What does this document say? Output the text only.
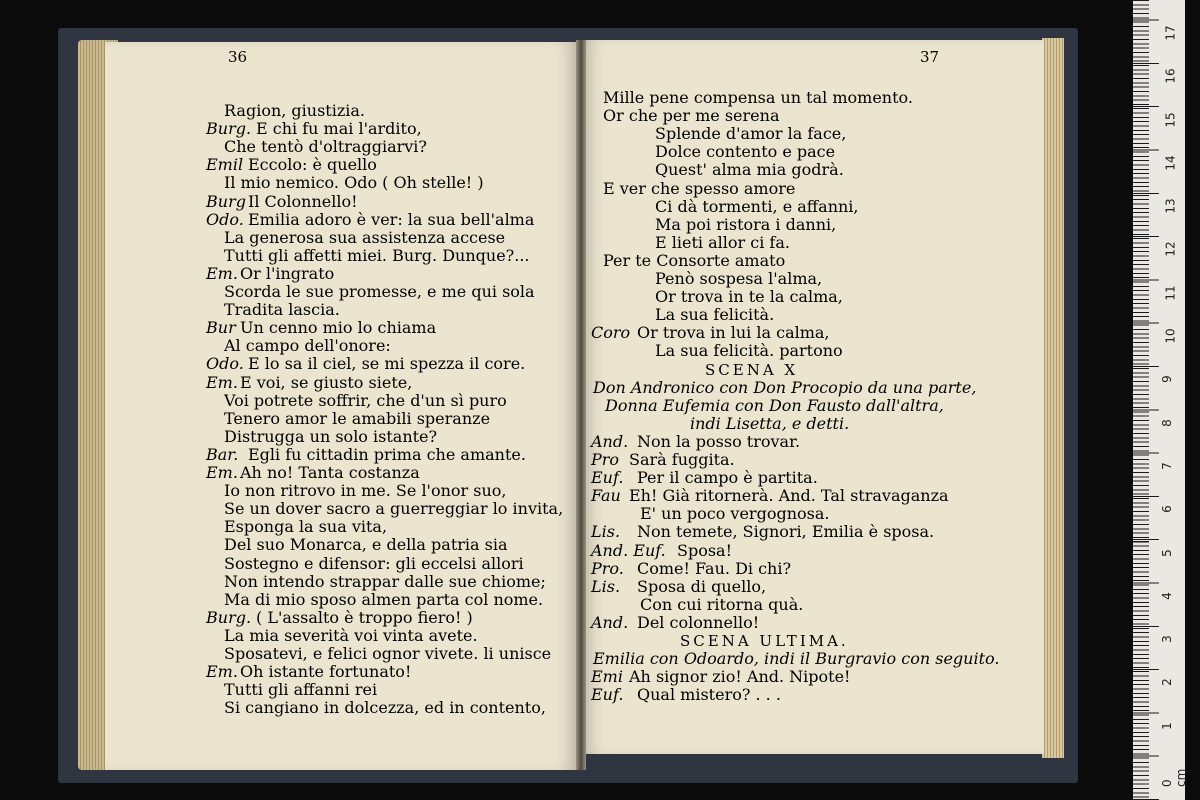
36	37
Ragion, giustizia.
Burg. E chi fu mai l'ardito,
Che tentò d'oltraggiarvi?
Emil Eccolo: è quello
Il mio nemico. Odo ( Oh stelle! )
Burg Il Colonnello!
Odo. Emilia adoro è ver: la sua bell'alma
La generosa sua assistenza accese
Tutti gli affetti miei. Burg. Dunque?...
Em. Or l'ingrato
Scorda le sue promesse, e me qui sola
Tradita lascia.
Bur Un cenno mio lo chiama
Al campo dell'onore:
Odo. E lo sa il ciel, se mi spezza il core.
Em. E voi, se giusto siete,
Voi potrete soffrir, che d'un sì puro
Tenero amor le amabili speranze
Distrugga un solo istante?
Bar. Egli fu cittadin prima che amante.
Em. Ah no! Tanta costanza
Io non ritrovo in me. Se l'onor suo,
Se un dover sacro a guerreggiar lo invita,
Esponga la sua vita,
Del suo Monarca, e della patria sia
Sostegno e difensor: gli eccelsi allori
Non intendo strappar dalle sue chiome;
Ma di mio sposo almen parta col nome.
Burg. ( L'assalto è troppo fiero! )
La mia severità voi vinta avete.
Sposatevi, e felici ognor vivete. li unisce
Em. Oh istante fortunato!
Tutti gli affanni rei
Si cangiano in dolcezza, ed in contento,
Mille pene compensa un tal momento.
Or che per me serena
Splende d'amor la face,
Dolce contento e pace
Quest' alma mia godrà.
E ver che spesso amore
Ci dà tormenti, e affanni,
Ma poi ristora i danni,
E lieti allor ci fa.
Per te Consorte amato
Penò sospesa l'alma,
Or trova in te la calma,
La sua felicità.
Coro Or trova in lui la calma,
La sua felicità. partono
SCENA X
Don Andronico con Don Procopio da una parte,
Donna Eufemia con Don Fausto dall'altra,
indi Lisetta, e detti.
And. Non la posso trovar.
Pro Sarà fuggita.
Euf. Per il campo è partita.
Fau Eh! Già ritornerà. And. Tal stravaganza
E' un poco vergognosa.
Lis. Non temete, Signori, Emilia è sposa.
And. Euf. Sposa!
Pro. Come! Fau. Di chi?
Lis. Sposa di quello,
Con cui ritorna quà.
And. Del colonnello!
SCENA ULTIMA.
Emilia con Odoardo, indi il Burgravio con seguito.
Emi Ah signor zio! And. Nipote!
Euf. Qual mistero? . . .
0 cm
1
2
3
4
5
6
7
8
9
10
11
12
13
14
15
16
17
